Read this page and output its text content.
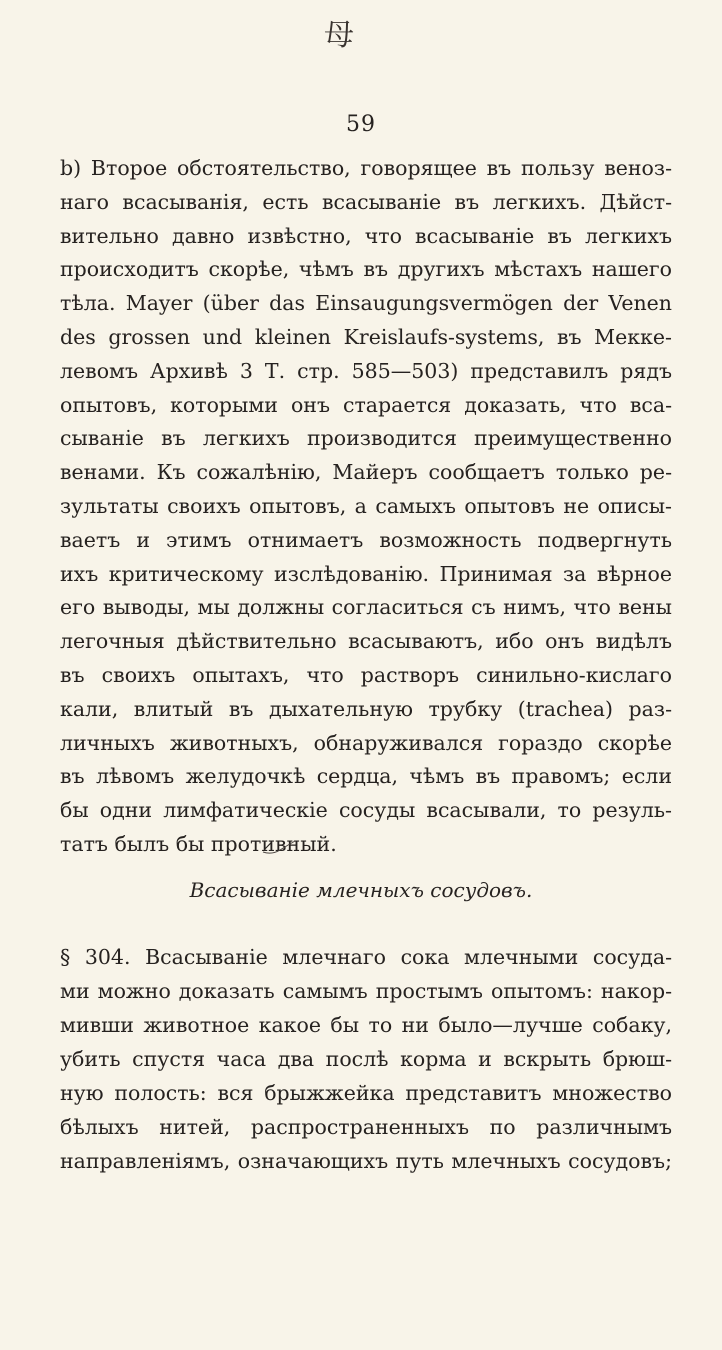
⺟
59
b) Второе обстоятельство, говорящее въ пользу веноз-
наго всасыванія, есть всасываніе въ легкихъ. Дѣйст-
вительно давно извѣстно, что всасываніе въ легкихъ
происходитъ скорѣе, чѣмъ въ другихъ мѣстахъ нашего
тѣла. Mayer (über das Einsaugungsvermögen der Venen
des grossen und kleinen Kreislaufs-systems, въ Мекке-
левомъ Архивѣ 3 Т. стр. 585—503) представилъ рядъ
опытовъ, которыми онъ старается доказать, что вса-
сываніе въ легкихъ производится преимущественно
венами. Къ сожалѣнію, Майеръ сообщаетъ только ре-
зультаты своихъ опытовъ, а самыхъ опытовъ не описы-
ваетъ и этимъ отнимаетъ возможность подвергнуть
ихъ критическому изслѣдованію. Принимая за вѣрное
его выводы, мы должны согласиться съ нимъ, что вены
легочныя дѣйствительно всасываютъ, ибо онъ видѣлъ
въ своихъ опытахъ, что растворъ синильно-кислаго
кали, влитый въ дыхательную трубку (trachea) раз-
личныхъ животныхъ, обнаруживался гораздо скорѣе
въ лѣвомъ желудочкѣ сердца, чѣмъ въ правомъ; если
бы одни лимфатическіе сосуды всасывали, то резуль-
татъ былъ бы противный.
Всасываніе млечныхъ сосудовъ.
§ 304. Всасываніе млечнаго сока млечными сосуда-
ми можно доказать самымъ простымъ опытомъ: накор-
мивши животное какое бы то ни было—лучше собаку,
убить спустя часа два послѣ корма и вскрыть брюш-
ную полость: вся брыжжейка представитъ множество
бѣлыхъ нитей, распространенныхъ по различнымъ
направленіямъ, означающихъ путь млечныхъ сосудовъ;
